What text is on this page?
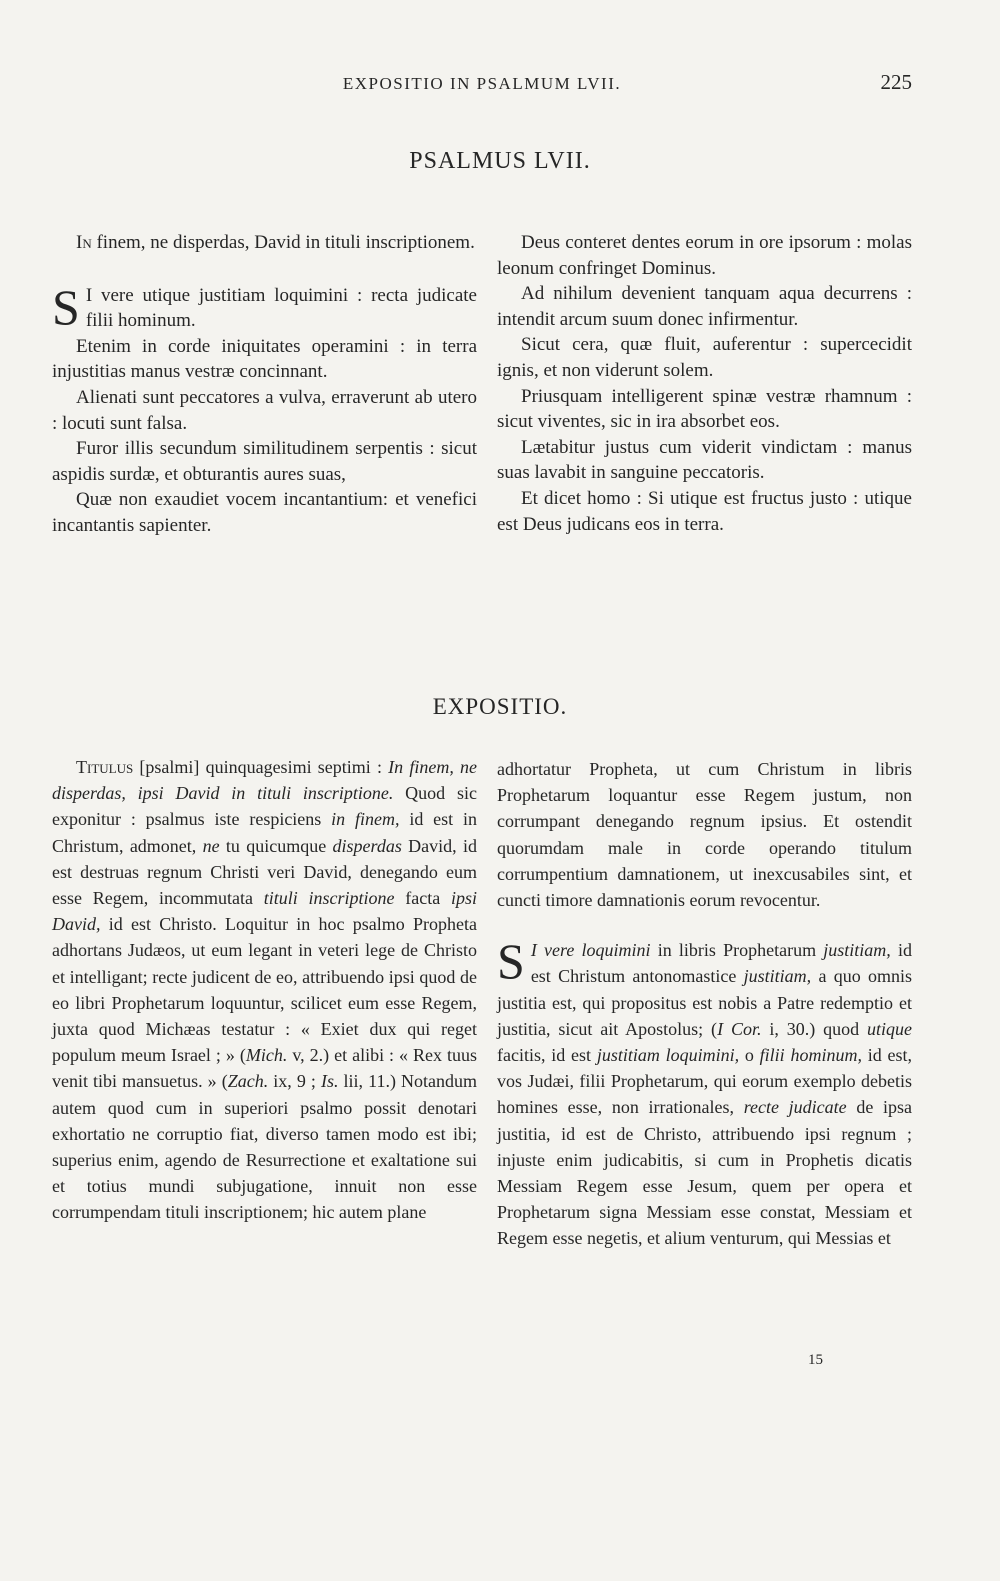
EXPOSITIO IN PSALMUM LVII.	225
PSALMUS LVII.

In finem, ne disperdas, David in tituli inscriptionem.

S I vere utique justitiam loquimini : recta judicate filii hominum.

Etenim in corde iniquitates operamini : in terra injustitias manus vestræ concinnant.

Alienati sunt peccatores a vulva, erraverunt ab utero : locuti sunt falsa.

Furor illis secundum similitudinem serpentis : sicut aspidis surdæ, et obturantis aures suas,

Quæ non exaudiet vocem incantantium: et venefici incantantis sapienter.

Deus conteret dentes eorum in ore ipsorum : molas leonum confringet Dominus.

Ad nihilum devenient tanquam aqua decurrens : intendit arcum suum donec infirmentur.

Sicut cera, quæ fluit, auferentur : supercecidit ignis, et non viderunt solem.

Priusquam intelligerent spinæ vestræ rhamnum : sicut viventes, sic in ira absorbet eos.

Lætabitur justus cum viderit vindictam : manus suas lavabit in sanguine peccatoris.

Et dicet homo : Si utique est fructus justo : utique est Deus judicans eos in terra.

EXPOSITIO.

Titulus [psalmi] quinquagesimi septimi : In finem, ne disperdas, ipsi David in tituli inscriptione. Quod sic exponitur : psalmus iste respiciens in finem, id est in Christum, admonet, ne tu quicumque disperdas David, id est destruas regnum Christi veri David, denegando eum esse Regem, incommutata tituli inscriptione facta ipsi David, id est Christo. Loquitur in hoc psalmo Propheta adhortans Judæos, ut eum legant in veteri lege de Christo et intelligant; recte judicent de eo, attribuendo ipsi quod de eo libri Prophetarum loquuntur, scilicet eum esse Regem, juxta quod Michæas testatur : « Exiet dux qui reget populum meum Israel ; » (Mich. v, 2.) et alibi : « Rex tuus venit tibi mansuetus. » (Zach. ix, 9 ; Is. lii, 11.) Notandum autem quod cum in superiori psalmo possit denotari exhortatio ne corruptio fiat, diverso tamen modo est ibi; superius enim, agendo de Resurrectione et exaltatione sui et totius mundi subjugatione, innuit non esse corrumpendam tituli inscriptionem; hic autem plane

adhortatur Propheta, ut cum Christum in libris Prophetarum loquantur esse Regem justum, non corrumpant denegando regnum ipsius. Et ostendit quorumdam male in corde operando titulum corrumpentium damnationem, ut inexcusabiles sint, et cuncti timore damnationis eorum revocentur.

S I vere loquimini in libris Prophetarum justitiam, id est Christum antonomastice justitiam, a quo omnis justitia est, qui propositus est nobis a Patre redemptio et justitia, sicut ait Apostolus; (I Cor. i, 30.) quod utique facitis, id est justitiam loquimini, o filii hominum, id est, vos Judæi, filii Prophetarum, qui eorum exemplo debetis homines esse, non irrationales, recte judicate de ipsa justitia, id est de Christo, attribuendo ipsi regnum ; injuste enim judicabitis, si cum in Prophetis dicatis Messiam Regem esse Jesum, quem per opera et Prophetarum signa Messiam esse constat, Messiam et Regem esse negetis, et alium venturum, qui Messias et

15
